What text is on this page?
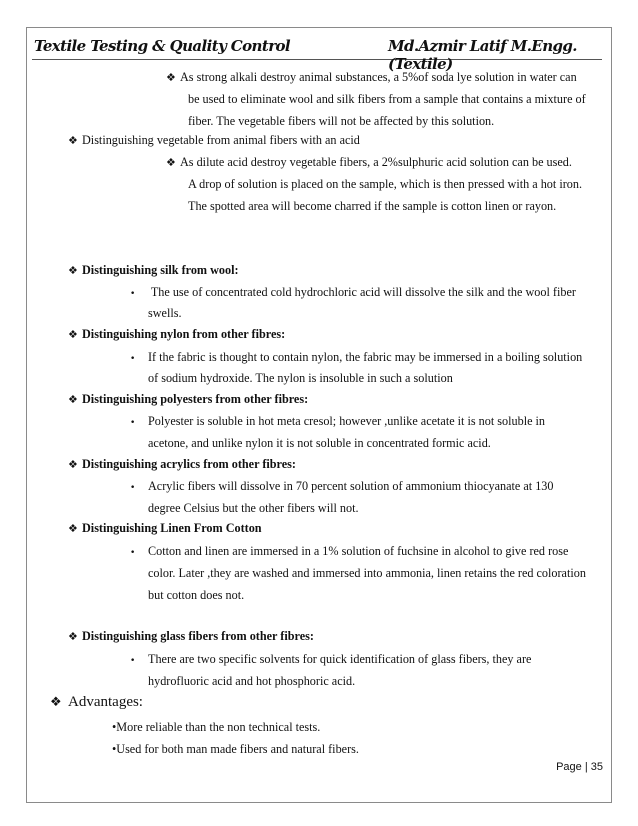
Textile Testing & Quality Control	Md.Azmir Latif M.Engg.(Textile)
❖ As strong alkali destroy animal substances, a 5%of soda lye solution in water can
be used to eliminate wool and silk fibers from a sample that contains a mixture of
fiber. The vegetable fibers will not be affected by this solution.
❖ Distinguishing vegetable from animal fibers with an acid
❖ As dilute acid destroy vegetable fibers, a 2%sulphuric acid solution can be used.
A drop of solution is placed on the sample, which is then pressed with a hot iron.
The spotted area will become charred if the sample is cotton linen or rayon.
❖ Distinguishing silk from wool:
• The use of concentrated cold hydrochloric acid will dissolve the silk and the wool fiber
swells.
❖ Distinguishing nylon from other fibres:
• If the fabric is thought to contain nylon, the fabric may be immersed in a boiling solution
of sodium hydroxide. The nylon is insoluble in such a solution
❖ Distinguishing polyesters from other fibres:
• Polyester is soluble in hot meta cresol; however ,unlike acetate it is not soluble in
acetone, and unlike nylon it is not soluble in concentrated formic acid.
❖ Distinguishing acrylics from other fibres:
• Acrylic fibers will dissolve in 70 percent solution of ammonium thiocyanate at 130
degree Celsius but the other fibers will not.
❖ Distinguishing Linen From Cotton
• Cotton and linen are immersed in a 1% solution of fuchsine in alcohol to give red rose
color. Later ,they are washed and immersed into ammonia, linen retains the red coloration
but cotton does not.
❖ Distinguishing glass fibers from other fibres:
• There are two specific solvents for quick identification of glass fibers, they are
hydrofluoric acid and hot phosphoric acid.
❖ Advantages:
•More reliable than the non technical tests.
•Used for both man made fibers and natural fibers.
Page | 35
